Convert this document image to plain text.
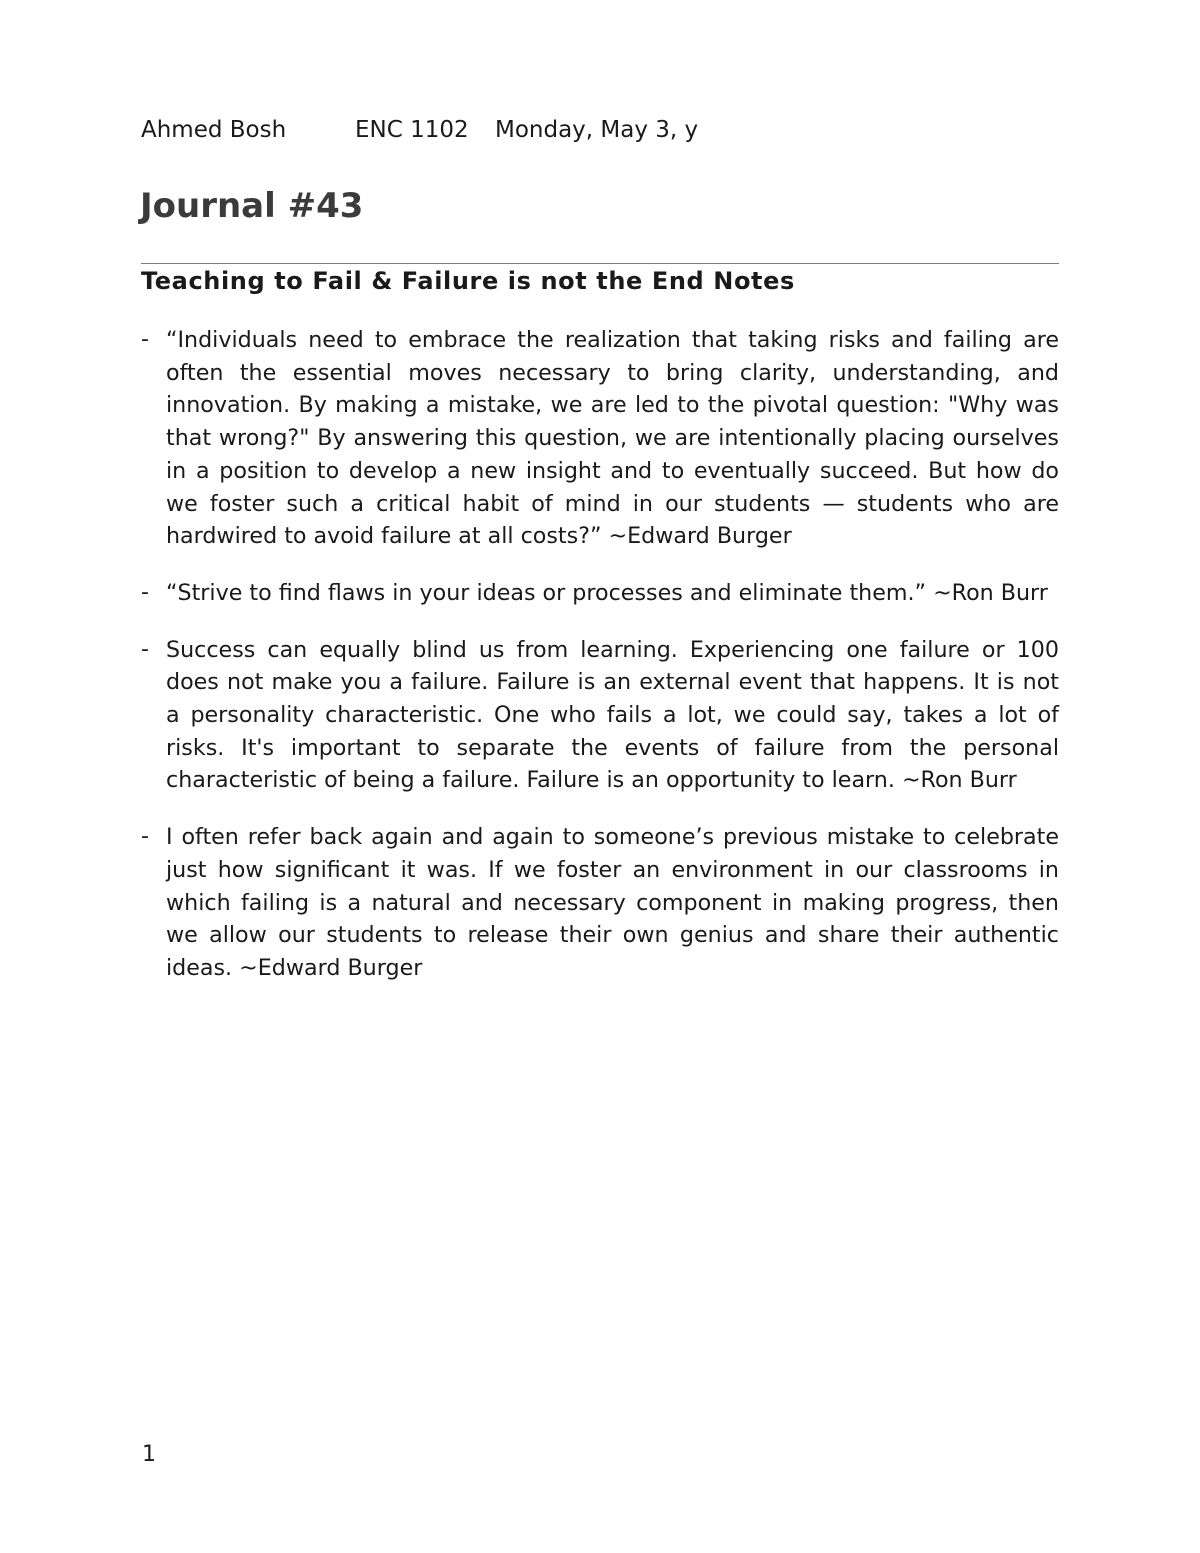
Ahmed Bosh	ENC 1102 Monday, May 3, y
Journal #43
Teaching to Fail & Failure is not the End Notes
- “Individuals need to embrace the realization that taking risks and failing are often the essential moves necessary to bring clarity, understanding, and innovation. By making a mistake, we are led to the pivotal question: "Why was that wrong?" By answering this question, we are intentionally placing ourselves in a position to develop a new insight and to eventually succeed. But how do we foster such a critical habit of mind in our students — students who are hardwired to avoid failure at all costs?” ~Edward Burger
- “Strive to find flaws in your ideas or processes and eliminate them.” ~Ron Burr
- Success can equally blind us from learning. Experiencing one failure or 100 does not make you a failure. Failure is an external event that happens. It is not a personality characteristic. One who fails a lot, we could say, takes a lot of risks. It's important to separate the events of failure from the personal characteristic of being a failure. Failure is an opportunity to learn. ~Ron Burr
- I often refer back again and again to someone’s previous mistake to celebrate just how significant it was. If we foster an environment in our classrooms in which failing is a natural and necessary component in making progress, then we allow our students to release their own genius and share their authentic ideas. ~Edward Burger
1
